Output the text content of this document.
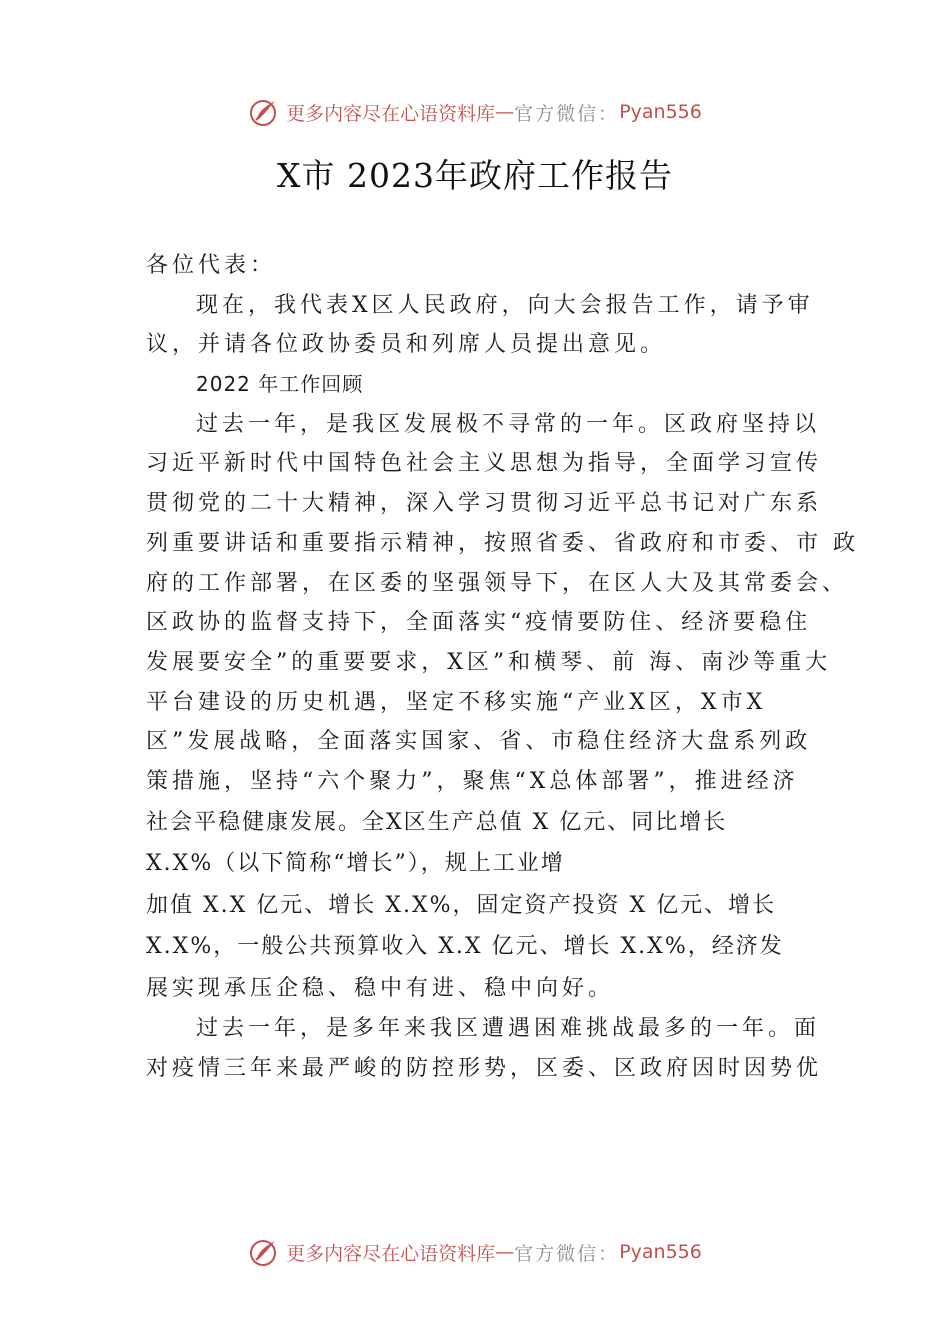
更多内容尽在心语资料库 — 官方微信： Pyan556
X市 2023年政府工作报告
各位代表：
现在，我代表X区人民政府，向大会报告工作，请予审
议，并请各位政协委员和列席人员提出意见。
2022 年工作回顾
过去一年，是我区发展极不寻常的一年。区政府坚持以
习近平新时代中国特色社会主义思想为指导，全面学习宣传
贯彻党的二十大精神，深入学习贯彻习近平总书记对广东系
列重要讲话和重要指示精神，按照省委、省政府和市委、市 政
府的工作部署，在区委的坚强领导下，在区人大及其常委会、
区政协的监督支持下，全面落实“疫情要防住、经济要稳住
发展要安全”的重要要求，X区”和横琴、前 海、南沙等重大
平台建设的历史机遇，坚定不移实施“产业X区，X市X
区”发展战略，全面落实国家、省、市稳住经济大盘系列政
策措施，坚持“六个聚力”，聚焦“X总体部署”，推进经济
社会平稳健康发展。全X区生产总值 X 亿元、同比增长
X.X%（以下简称“增长”），规上工业增
加值 X.X 亿元、增长 X.X%，固定资产投资 X 亿元、增长
X.X%，一般公共预算收入 X.X 亿元、增长 X.X%，经济发
展实现承压企稳、稳中有进、稳中向好。
过去一年，是多年来我区遭遇困难挑战最多的一年。面
对疫情三年来最严峻的防控形势，区委、区政府因时因势优
更多内容尽在心语资料库 — 官方微信： Pyan556
